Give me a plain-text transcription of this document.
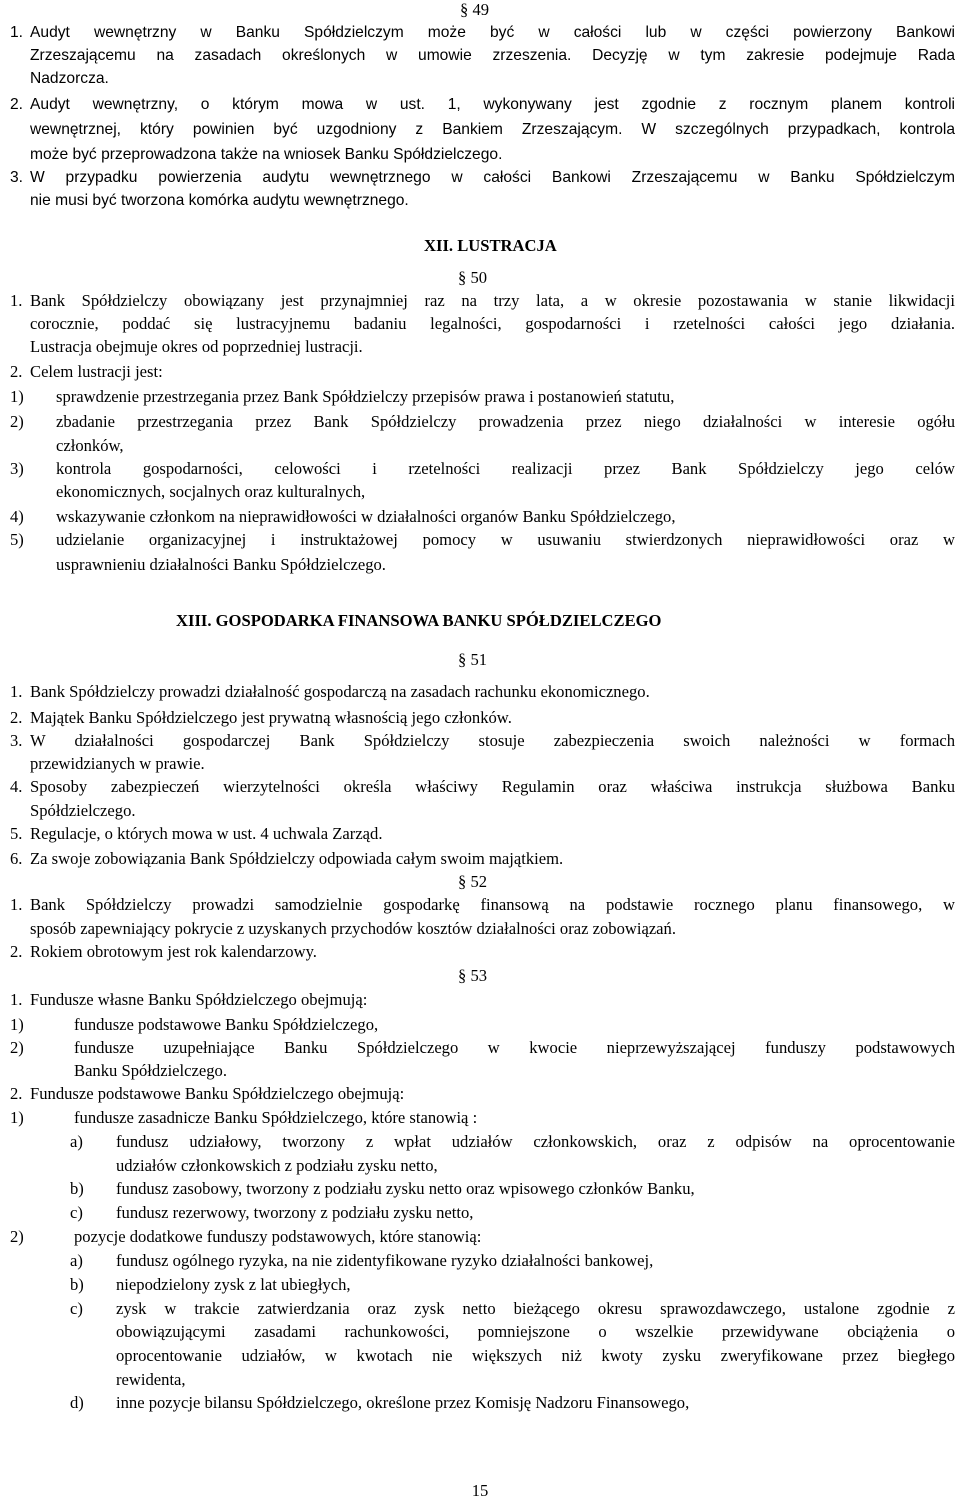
§ 49
1. Audyt wewnętrzny w Banku Spółdzielczym może być w całości lub w części powierzony Bankowi
Zrzeszającemu na zasadach określonych w umowie zrzeszenia. Decyzję w tym zakresie podejmuje Rada
Nadzorcza.
2. Audyt wewnętrzny, o którym mowa w ust. 1, wykonywany jest zgodnie z rocznym planem kontroli
wewnętrznej, który powinien być uzgodniony z Bankiem Zrzeszającym. W szczególnych przypadkach, kontrola
może być przeprowadzona także na wniosek Banku Spółdzielczego.
3. W przypadku powierzenia audytu wewnętrznego w całości Bankowi Zrzeszającemu w Banku Spółdzielczym
nie musi być tworzona komórka audytu wewnętrznego.
XII. LUSTRACJA
§ 50
1. Bank Spółdzielczy obowiązany jest przynajmniej raz na trzy lata, a w okresie pozostawania w stanie likwidacji
corocznie, poddać się lustracyjnemu badaniu legalności, gospodarności i rzetelności całości jego działania.
Lustracja obejmuje okres od poprzedniej lustracji.
2. Celem lustracji jest:
1) sprawdzenie przestrzegania przez Bank Spółdzielczy przepisów prawa i postanowień statutu,
2) zbadanie przestrzegania przez Bank Spółdzielczy prowadzenia przez niego działalności w interesie ogółu
członków,
3) kontrola gospodarności, celowości i rzetelności realizacji przez Bank Spółdzielczy jego celów
ekonomicznych, socjalnych oraz kulturalnych,
4) wskazywanie członkom na nieprawidłowości w działalności organów Banku Spółdzielczego,
5) udzielanie organizacyjnej i instruktażowej pomocy w usuwaniu stwierdzonych nieprawidłowości oraz w
usprawnieniu działalności Banku Spółdzielczego.
XIII. GOSPODARKA FINANSOWA BANKU SPÓŁDZIELCZEGO
§ 51
1. Bank Spółdzielczy prowadzi działalność gospodarczą na zasadach rachunku ekonomicznego.
2. Majątek Banku Spółdzielczego jest prywatną własnością jego członków.
3. W działalności gospodarczej Bank Spółdzielczy stosuje zabezpieczenia swoich należności w formach
przewidzianych w prawie.
4. Sposoby zabezpieczeń wierzytelności określa właściwy Regulamin oraz właściwa instrukcja służbowa Banku
Spółdzielczego.
5. Regulacje, o których mowa w ust. 4 uchwala Zarząd.
6. Za swoje zobowiązania Bank Spółdzielczy odpowiada całym swoim majątkiem.
§ 52
1. Bank Spółdzielczy prowadzi samodzielnie gospodarkę finansową na podstawie rocznego planu finansowego, w
sposób zapewniający pokrycie z uzyskanych przychodów kosztów działalności oraz zobowiązań.
2. Rokiem obrotowym jest rok kalendarzowy.
§ 53
1. Fundusze własne Banku Spółdzielczego obejmują:
1)	fundusze podstawowe Banku Spółdzielczego,
2)	fundusze uzupełniające Banku Spółdzielczego w kwocie nieprzewyższającej funduszy podstawowych
Banku Spółdzielczego.
2. Fundusze podstawowe Banku Spółdzielczego obejmują:
1)	fundusze zasadnicze Banku Spółdzielczego, które stanowią :
a) fundusz udziałowy, tworzony z wpłat udziałów członkowskich, oraz z odpisów na oprocentowanie
udziałów członkowskich z podziału zysku netto,
b) fundusz zasobowy, tworzony z podziału zysku netto oraz wpisowego członków Banku,
c) fundusz rezerwowy, tworzony z podziału zysku netto,
2)	pozycje dodatkowe funduszy podstawowych, które stanowią:
a) fundusz ogólnego ryzyka, na nie zidentyfikowane ryzyko działalności bankowej,
b) niepodzielony zysk z lat ubiegłych,
c) zysk w trakcie zatwierdzania oraz zysk netto bieżącego okresu sprawozdawczego, ustalone zgodnie z
obowiązującymi zasadami rachunkowości, pomniejszone o wszelkie przewidywane obciążenia o
oprocentowanie udziałów, w kwotach nie większych niż kwoty zysku zweryfikowane przez biegłego
rewidenta,
d) inne pozycje bilansu Spółdzielczego, określone przez Komisję Nadzoru Finansowego,
15
